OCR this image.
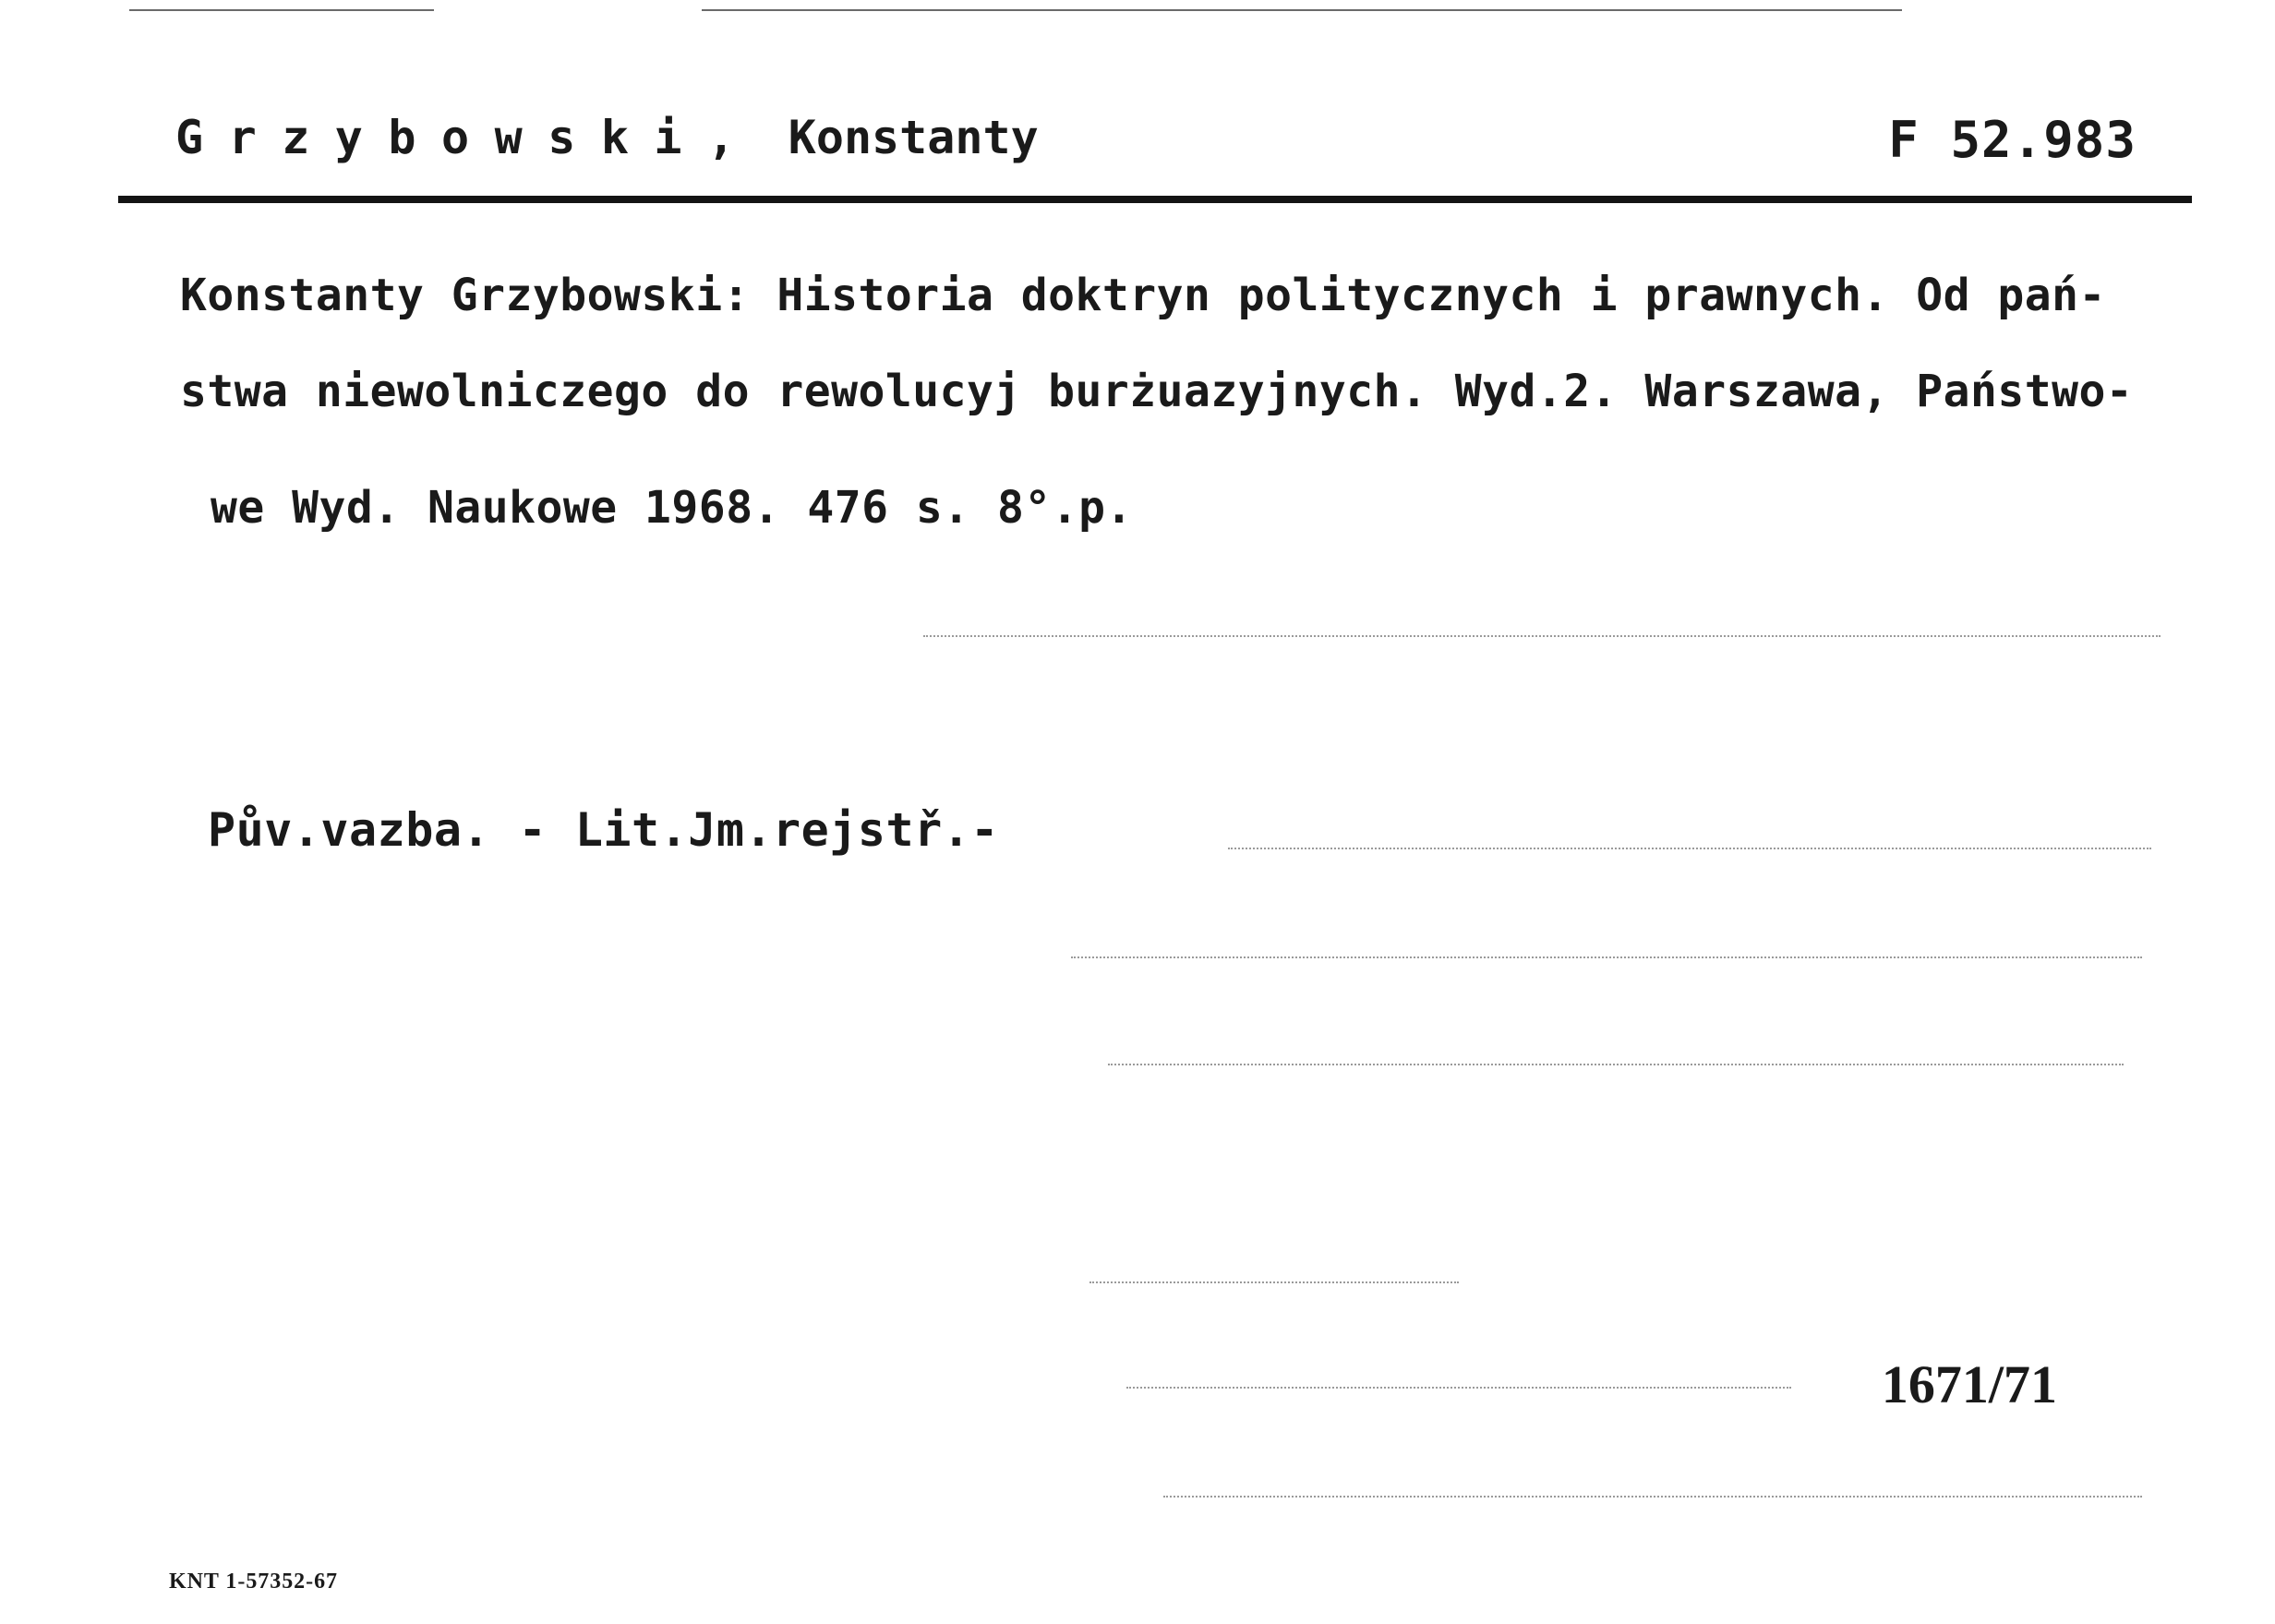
Grzybowski, Konstanty	F 52.983
Konstanty Grzybowski: Historia doktryn politycznych i prawnych. Od pań-
stwa niewolniczego do rewolucyj burżuazyjnych. Wyd.2. Warszawa, Państwo-
we Wyd. Naukowe 1968. 476 s. 8°.p.
Pův.vazba. - Lit.Jm.rejstř.-
1671/71
KNT 1-57352-67
